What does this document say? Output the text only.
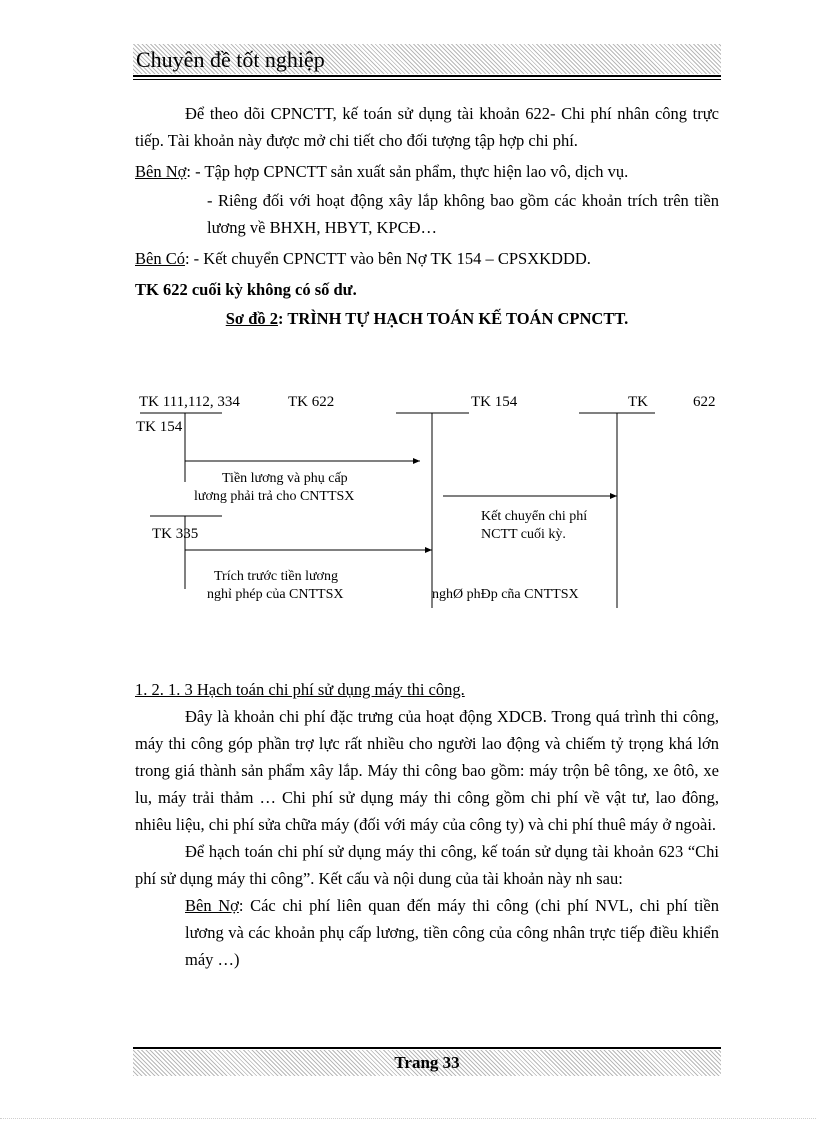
Chuyên đề tốt nghiệp

Để theo dõi CPNCTT, kế toán sử dụng tài khoản 622- Chi phí nhân công trực tiếp. Tài khoản này được mở chi tiết cho đối tượng tập hợp chi phí.

Bên Nợ: - Tập hợp CPNCTT sản xuất sản phẩm, thực hiện lao vô, dịch vụ.

- Riêng đối với hoạt động xây lắp không bao gồm các khoản trích trên tiền lương về BHXH, HBYT, KPCĐ…

Bên Có: - Kết chuyển CPNCTT vào bên Nợ TK 154 – CPSXKDDD.

TK 622 cuối kỳ không có số dư.

Sơ đồ 2: TRÌNH TỰ HẠCH TOÁN KẾ TOÁN CPNCTT.

TK 111,112, 334	TK 622	TK 154	TK	622
TK 154
Tiền lương và phụ cấp
lương phải trả cho CNTTSX
Kết chuyển chi phí
NCTT cuối kỳ.
TK 335
Trích trước tiền lương
nghỉ phép của CNTTSX	nghØ phÐp cña CNTTSX

1. 2. 1. 3 Hạch toán chi phí sử dụng máy thi công.

Đây là khoản chi phí đặc trưng của hoạt động XDCB. Trong quá trình thi công, máy thi công góp phần trợ lực rất nhiều cho người lao động và chiếm tỷ trọng khá lớn trong giá thành sản phẩm xây lắp. Máy thi công bao gồm: máy trộn bê tông, xe ôtô, xe lu, máy trải thảm … Chi phí sử dụng máy thi công gồm chi phí về vật tư, lao đông, nhiêu liệu, chi phí sửa chữa máy (đối với máy của công ty) và chi phí thuê máy ở ngoài.

Để hạch toán chi phí sử dụng máy thi công, kế toán sử dụng tài khoản 623 “Chi phí sử dụng máy thi công”. Kết cấu và nội dung của tài khoản này nh sau:

Bên Nợ: Các chi phí liên quan đến máy thi công (chi phí NVL, chi phí tiền lương và các khoản phụ cấp lương, tiền công của công nhân trực tiếp điều khiển máy …)

Trang 33
